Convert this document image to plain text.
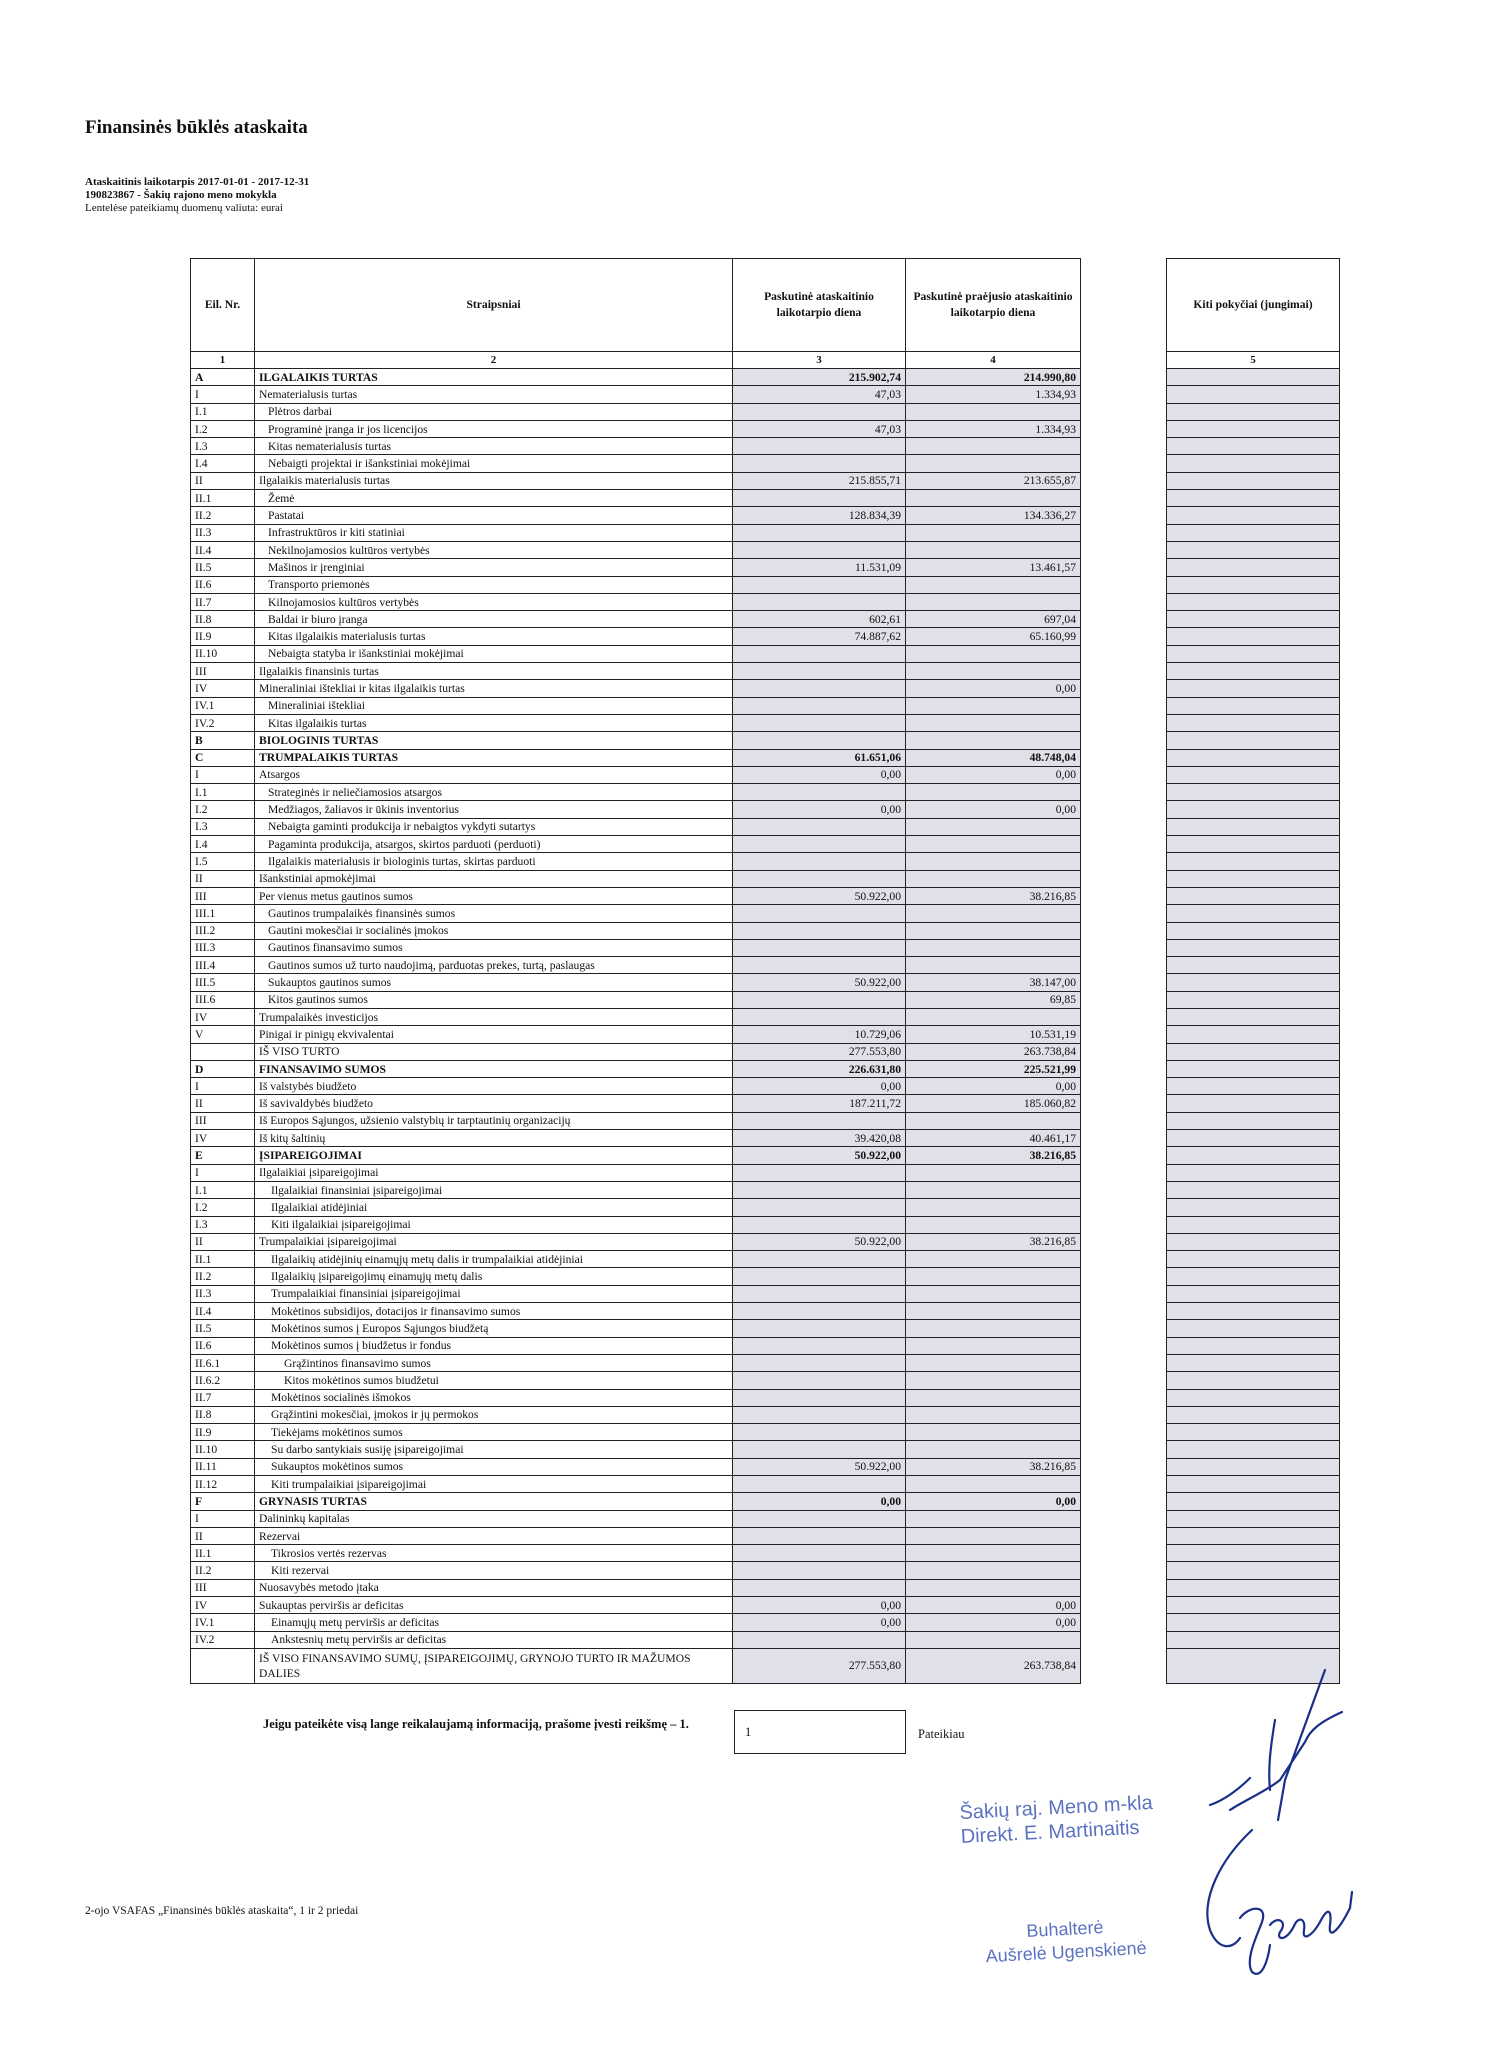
Finansinės būklės ataskaita
Ataskaitinis laikotarpis 2017-01-01 - 2017-12-31
190823867 - Šakių rajono meno mokykla
Lentelėse pateikiamų duomenų valiuta: eurai
Eil. Nr.	Straipsniai	Paskutinė ataskaitinio laikotarpio diena	Paskutinė praėjusio ataskaitinio laikotarpio diena		Kiti pokyčiai (jungimai)
1	2	3	4		5
A	ILGALAIKIS TURTAS	215.902,74	214.990,80		
I	Nematerialusis turtas	47,03	1.334,93		
I.1	Plėtros darbai				
I.2	Programinė įranga ir jos licencijos	47,03	1.334,93		
I.3	Kitas nematerialusis turtas				
I.4	Nebaigti projektai ir išankstiniai mokėjimai				
II	Ilgalaikis materialusis turtas	215.855,71	213.655,87		
II.1	Žemė				
II.2	Pastatai	128.834,39	134.336,27		
II.3	Infrastruktūros ir kiti statiniai				
II.4	Nekilnojamosios kultūros vertybės				
II.5	Mašinos ir įrenginiai	11.531,09	13.461,57		
II.6	Transporto priemonės				
II.7	Kilnojamosios kultūros vertybės				
II.8	Baldai ir biuro įranga	602,61	697,04		
II.9	Kitas ilgalaikis materialusis turtas	74.887,62	65.160,99		
II.10	Nebaigta statyba ir išankstiniai mokėjimai				
III	Ilgalaikis finansinis turtas				
IV	Mineraliniai ištekliai ir kitas ilgalaikis turtas		0,00		
IV.1	Mineraliniai ištekliai				
IV.2	Kitas ilgalaikis turtas				
B	BIOLOGINIS TURTAS				
C	TRUMPALAIKIS TURTAS	61.651,06	48.748,04		
I	Atsargos	0,00	0,00		
I.1	Strateginės ir neliečiamosios atsargos				
I.2	Medžiagos, žaliavos ir ūkinis inventorius	0,00	0,00		
I.3	Nebaigta gaminti produkcija ir nebaigtos vykdyti sutartys				
I.4	Pagaminta produkcija, atsargos, skirtos parduoti (perduoti)				
I.5	Ilgalaikis materialusis ir biologinis turtas, skirtas parduoti				
II	Išankstiniai apmokėjimai				
III	Per vienus metus gautinos sumos	50.922,00	38.216,85		
III.1	Gautinos trumpalaikės finansinės sumos				
III.2	Gautini mokesčiai ir socialinės įmokos				
III.3	Gautinos finansavimo sumos				
III.4	Gautinos sumos už turto naudojimą, parduotas prekes, turtą, paslaugas				
III.5	Sukauptos gautinos sumos	50.922,00	38.147,00		
III.6	Kitos gautinos sumos		69,85		
IV	Trumpalaikės investicijos				
V	Pinigai ir pinigų ekvivalentai	10.729,06	10.531,19		
	IŠ VISO TURTO	277.553,80	263.738,84		
D	FINANSAVIMO SUMOS	226.631,80	225.521,99		
I	Iš valstybės biudžeto	0,00	0,00		
II	Iš savivaldybės biudžeto	187.211,72	185.060,82		
III	Iš Europos Sąjungos, užsienio valstybių ir tarptautinių organizacijų				
IV	Iš kitų šaltinių	39.420,08	40.461,17		
E	ĮSIPAREIGOJIMAI	50.922,00	38.216,85		
I	Ilgalaikiai įsipareigojimai				
I.1	Ilgalaikiai finansiniai įsipareigojimai				
I.2	Ilgalaikiai atidėjiniai				
I.3	Kiti ilgalaikiai įsipareigojimai				
II	Trumpalaikiai įsipareigojimai	50.922,00	38.216,85		
II.1	Ilgalaikių atidėjinių einamųjų metų dalis ir trumpalaikiai atidėjiniai				
II.2	Ilgalaikių įsipareigojimų einamųjų metų dalis				
II.3	Trumpalaikiai finansiniai įsipareigojimai				
II.4	Mokėtinos subsidijos, dotacijos ir finansavimo sumos				
II.5	Mokėtinos sumos į Europos Sąjungos biudžetą				
II.6	Mokėtinos sumos į biudžetus ir fondus				
II.6.1	Grąžintinos finansavimo sumos				
II.6.2	Kitos mokėtinos sumos biudžetui				
II.7	Mokėtinos socialinės išmokos				
II.8	Grąžintini mokesčiai, įmokos ir jų permokos				
II.9	Tiekėjams mokėtinos sumos				
II.10	Su darbo santykiais susiję įsipareigojimai				
II.11	Sukauptos mokėtinos sumos	50.922,00	38.216,85		
II.12	Kiti trumpalaikiai įsipareigojimai				
F	GRYNASIS TURTAS	0,00	0,00		
I	Dalininkų kapitalas				
II	Rezervai				
II.1	Tikrosios vertės rezervas				
II.2	Kiti rezervai				
III	Nuosavybės metodo įtaka				
IV	Sukauptas perviršis ar deficitas	0,00	0,00		
IV.1	Einamųjų metų perviršis ar deficitas	0,00	0,00		
IV.2	Ankstesnių metų perviršis ar deficitas				
	IŠ VISO FINANSAVIMO SUMŲ, ĮSIPAREIGOJIMŲ, GRYNOJO TURTO IR MAŽUMOS DALIES	277.553,80	263.738,84		
Jeigu pateikėte visą lange reikalaujamą informaciją, prašome įvesti reikšmę – 1.
1	Pateikiau
Šakių raj. Meno m-kla
Direkt. E. Martinaitis
Buhalterė
Aušrelė Ugenskienė
2-ojo VSAFAS „Finansinės būklės ataskaita“, 1 ir 2 priedai
